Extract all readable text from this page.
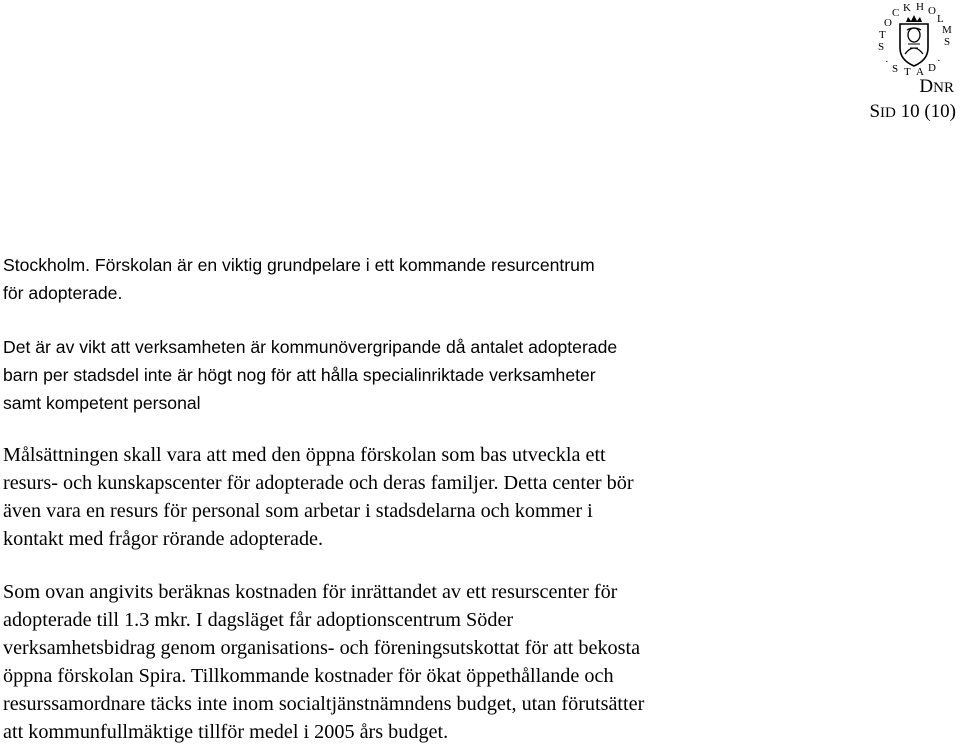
S
T
O
C K H O
L
M
S
·
S T A D
·
DNR
SID 10 (10)

Stockholm. Förskolan är en viktig grundpelare i ett kommande resurcentrum
för adopterade.

Det är av vikt att verksamheten är kommunövergripande då antalet adopterade
barn per stadsdel inte är högt nog för att hålla specialinriktade verksamheter
samt kompetent personal

Målsättningen skall vara att med den öppna förskolan som bas utveckla ett
resurs- och kunskapscenter för adopterade och deras familjer. Detta center bör
även vara en resurs för personal som arbetar i stadsdelarna och kommer i
kontakt med frågor rörande adopterade.

Som ovan angivits beräknas kostnaden för inrättandet av ett resurscenter för
adopterade till 1.3 mkr. I dagsläget får adoptionscentrum Söder
verksamhetsbidrag genom organisations- och föreningsutskottat för att bekosta
öppna förskolan Spira. Tillkommande kostnader för ökat öppethållande och
resurssamordnare täcks inte inom socialtjänstnämndens budget, utan förutsätter
att kommunfullmäktige tillför medel i 2005 års budget.
